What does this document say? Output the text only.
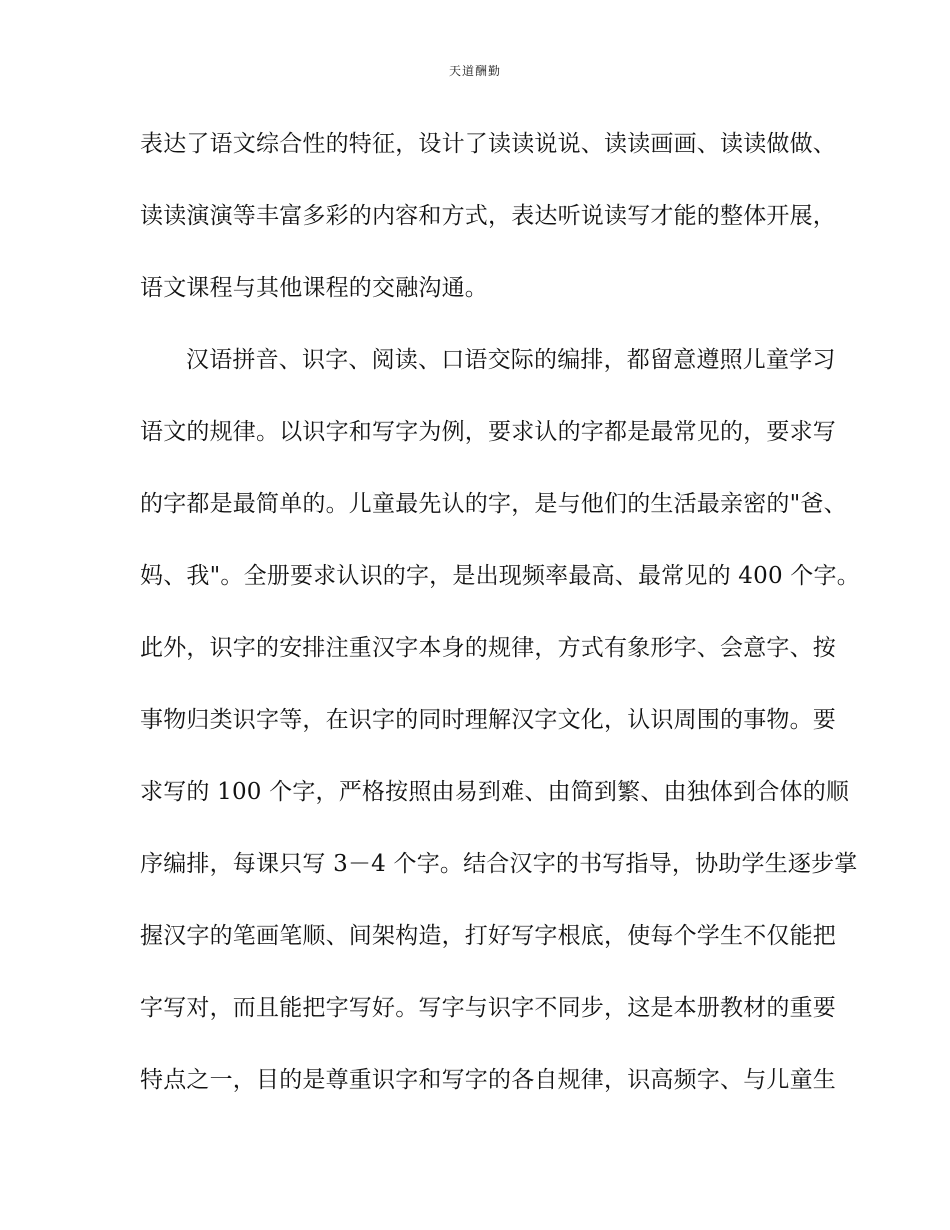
天道酬勤
表达了语文综合性的特征，设计了读读说说、读读画画、读读做做、
读读演演等丰富多彩的内容和方式，表达听说读写才能的整体开展，
语文课程与其他课程的交融沟通。
汉语拼音、识字、阅读、口语交际的编排，都留意遵照儿童学习
语文的规律。以识字和写字为例，要求认的字都是最常见的，要求写
的字都是最简单的。儿童最先认的字，是与他们的生活最亲密的"爸、
妈、我"。全册要求认识的字，是出现频率最高、最常见的 400 个字。
此外，识字的安排注重汉字本身的规律，方式有象形字、会意字、按
事物归类识字等，在识字的同时理解汉字文化，认识周围的事物。要
求写的 100 个字，严格按照由易到难、由简到繁、由独体到合体的顺
序编排，每课只写 3－4 个字。结合汉字的书写指导，协助学生逐步掌
握汉字的笔画笔顺、间架构造，打好写字根底，使每个学生不仅能把
字写对，而且能把字写好。写字与识字不同步，这是本册教材的重要
特点之一，目的是尊重识字和写字的各自规律，识高频字、与儿童生
